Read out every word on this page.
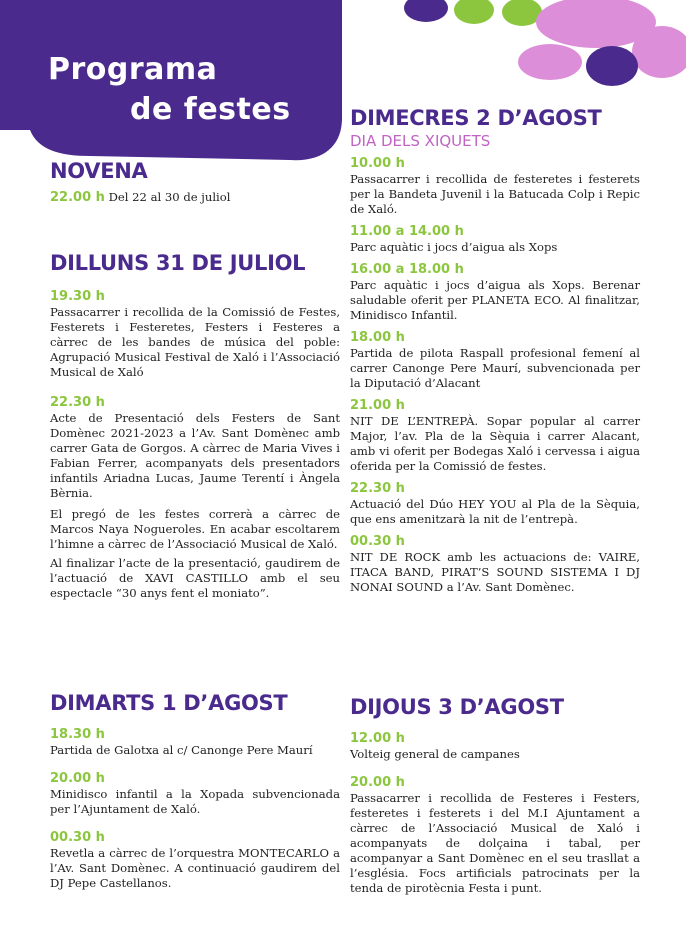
Programa
de festes
NOVENA

22.00 h Del 22 al 30 de juliol

DILLUNS 31 DE JULIOL

19.30 h

Passacarrer i recollida de la Comissió de Festes, Festerets i Festeretes, Festers i Festeres a càrrec de les bandes de música del poble: Agrupació Musical Festival de Xaló i l’Associació Musical de Xaló

22.30 h

Acte de Presentació dels Festers de Sant Domènec 2021-2023 a l’Av. Sant Domènec amb carrer Gata de Gorgos. A càrrec de Maria Vives i Fabian Ferrer, acompanyats dels presentadors infantils Ariadna Lucas, Jaume Terentí i Àngela Bèrnia.

El pregó de les festes correrà a càrrec de Marcos Naya Nogueroles. En acabar escoltarem l’himne a càrrec de l’Associació Musical de Xaló.

Al finalizar l’acte de la presentació, gaudirem de l’actuació de XAVI CASTILLO amb el seu espectacle “30 anys fent el moniato”.

DIMARTS 1 D’AGOST

18.30 h

Partida de Galotxa al c/ Canonge Pere Maurí

20.00 h

Minidisco infantil a la Xopada subvencionada per l’Ajuntament de Xaló.

00.30 h

Revetla a càrrec de l’orquestra MONTECARLO a l’Av. Sant Domènec. A continuació gaudirem del DJ Pepe Castellanos.

DIMECRES 2 D’AGOST

DIA DELS XIQUETS

10.00 h

Passacarrer i recollida de festeretes i festerets per la Bandeta Juvenil i la Batucada Colp i Repic de Xaló.

11.00 a 14.00 h

Parc aquàtic i jocs d’aigua als Xops

16.00 a 18.00 h

Parc aquàtic i jocs d’aigua als Xops. Berenar saludable oferit per PLANETA ECO. Al finalitzar, Minidisco Infantil.

18.00 h

Partida de pilota Raspall profesional femení al carrer Canonge Pere Maurí, subvencionada per la Diputació d’Alacant

21.00 h

NIT DE L’ENTREPÀ. Sopar popular al carrer Major, l’av. Pla de la Sèquia i carrer Alacant, amb vi oferit per Bodegas Xaló i cervessa i aigua oferida per la Comissió de festes.

22.30 h

Actuació del Dúo HEY YOU al Pla de la Sèquia, que ens amenitzarà la nit de l’entrepà.

00.30 h

NIT DE ROCK amb les actuacions de: VAIRE, ITACA BAND, PIRAT’S SOUND SISTEMA I DJ NONAI SOUND a l’Av. Sant Domènec.

DIJOUS 3 D’AGOST

12.00 h

Volteig general de campanes

20.00 h

Passacarrer i recollida de Festeres i Festers, festeretes i festerets i del M.I Ajuntament a càrrec de l’Associació Musical de Xaló i acompanyats de dolçaina i tabal, per acompanyar a Sant Domènec en el seu trasllat a l’església. Focs artificials patrocinats per la tenda de pirotècnia Festa i punt.
